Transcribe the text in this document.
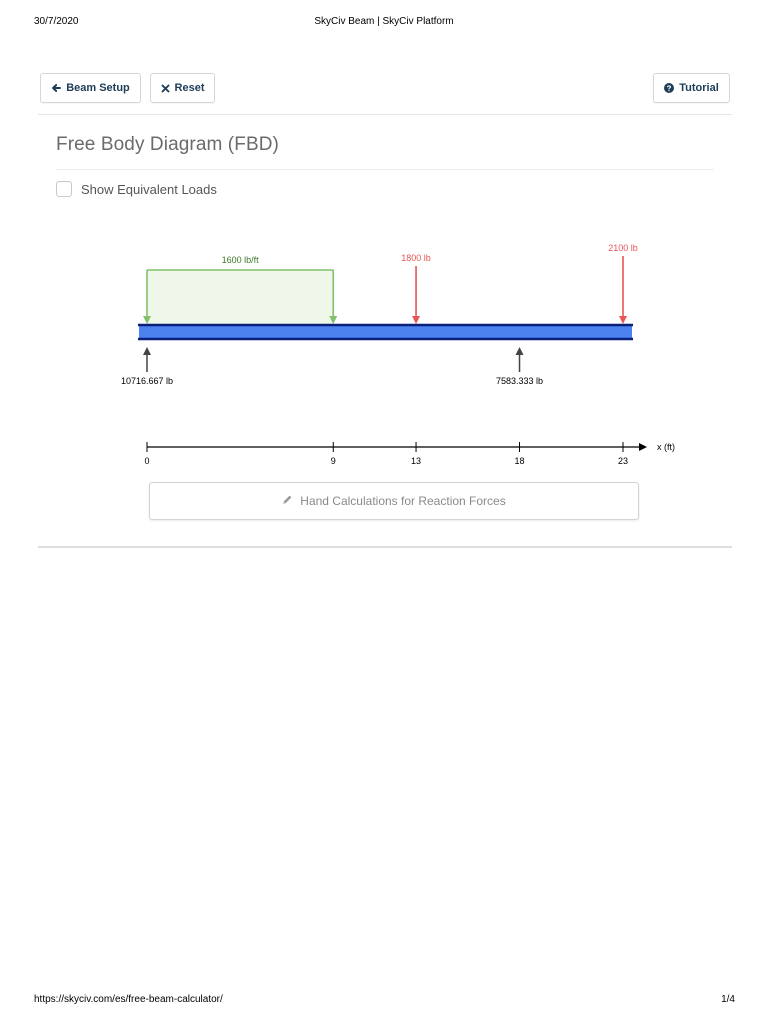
30/7/2020	SkyCiv Beam | SkyCiv Platform
Beam Setup	Reset	Tutorial
Free Body Diagram (FBD)
Show Equivalent Loads
1600 lb/ft	1800 lb
2100 lb
10716.667 lb	7583.333 lb
0	9	13	18	23
x (ft)
Hand Calculations for Reaction Forces
https://skyciv.com/es/free-beam-calculator/	1/4
